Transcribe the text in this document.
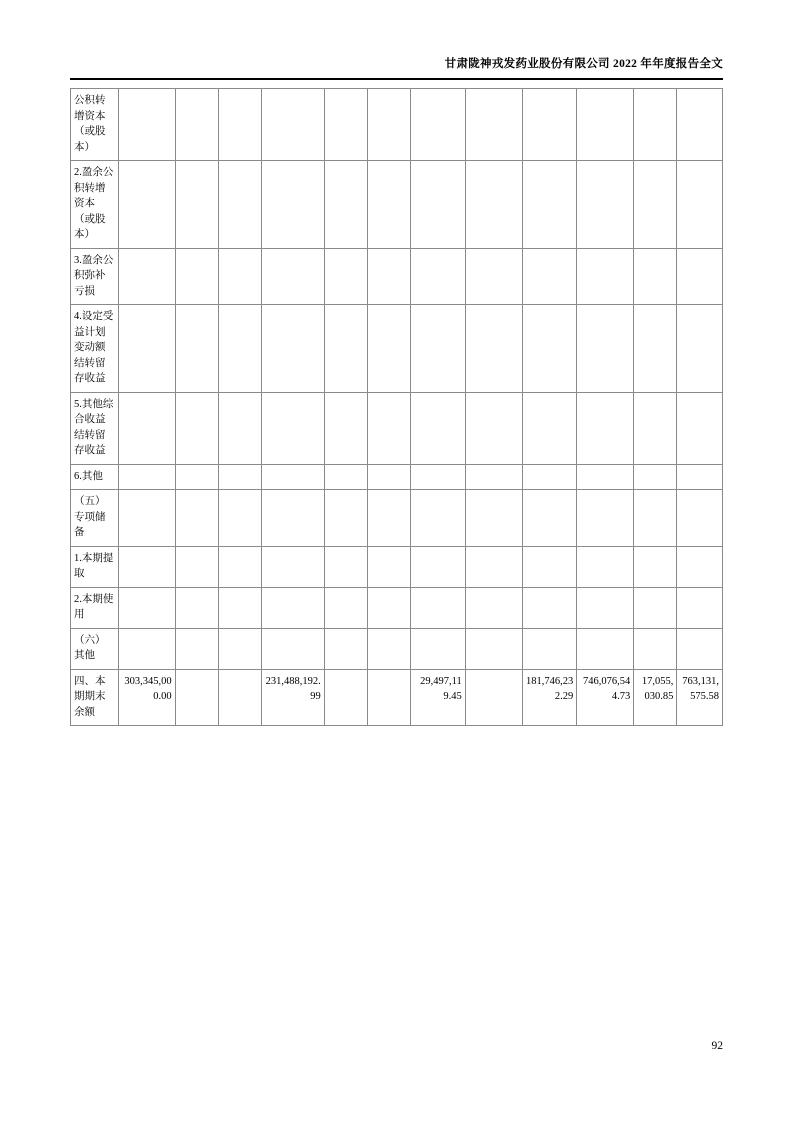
甘肃陇神戎发药业股份有限公司 2022 年年度报告全文
公积转增资本（或股本）												
2.盈余公积转增资本（或股本）												
3.盈余公积弥补亏损												
4.设定受益计划变动额结转留存收益												
5.其他综合收益结转留存收益												
6.其他												
（五）专项储备												
1.本期提取												
2.本期使用												
（六）其他												
四、本期期末余额	303,345,000.00			231,488,192.99			29,497,119.45		181,746,232.29	746,076,544.73	17,055,030.85	763,131,575.58
92
